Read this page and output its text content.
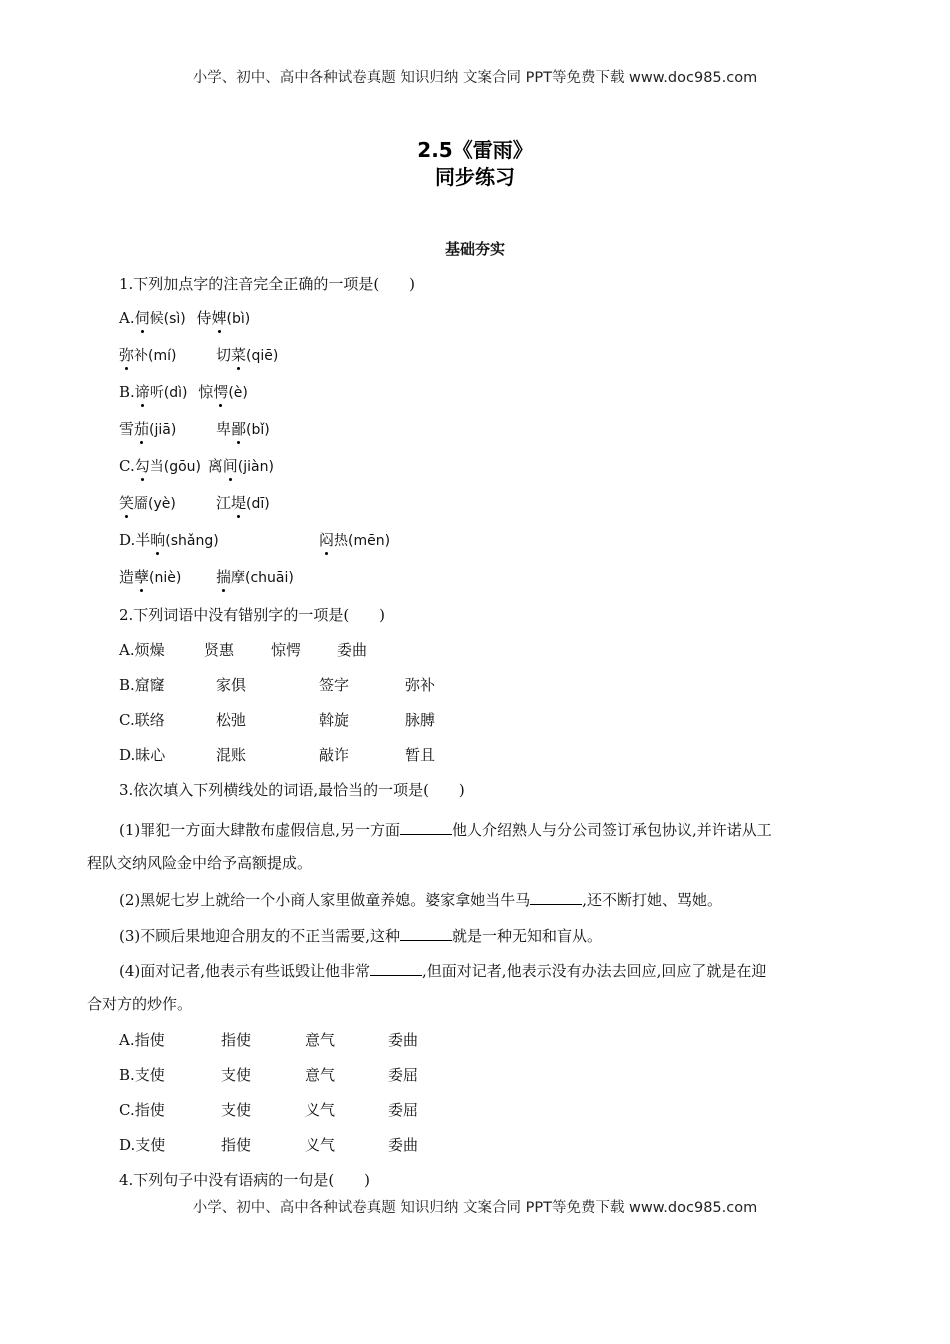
小学、初中、高中各种试卷真题 知识归纳 文案合同 PPT等免费下载 www.doc985.com
2.5《雷雨》
同步练习
基础夯实
1.下列加点字的注音完全正确的一项是(　　)
A.伺候(sì) 侍婢(bì)
弥补(mí)	切菜(qiē)
B.谛听(dì) 惊愕(è)
雪茄(jiā)	卑鄙(bǐ)
C.勾当(gōu) 离间(jiàn)
笑靥(yè)	江堤(dī)
D.半晌(shǎng)	闷热(mēn)
造孽(niè) 揣摩(chuāi)
2.下列词语中没有错别字的一项是(　　)
A.烦燥	贤惠 惊愕 委曲
B.窟窿	家俱	签字	弥补
C.联络	松弛	斡旋	脉膊
D.昧心	混账	敲诈	暂且
3.依次填入下列横线处的词语,最恰当的一项是(　　)
(1)罪犯一方面大肆散布虚假信息,另一方面	他人介绍熟人与分公司签订承包协议,并许诺从工
程队交纳风险金中给予高额提成。
(2)黑妮七岁上就给一个小商人家里做童养媳。婆家拿她当牛马	,还不断打她、骂她。
(3)不顾后果地迎合朋友的不正当需要,这种	就是一种无知和盲从。
(4)面对记者,他表示有些诋毁让他非常	,但面对记者,他表示没有办法去回应,回应了就是在迎
合对方的炒作。
A.指使	指使	意气	委曲
B.支使	支使	意气	委屈
C.指使	支使	义气	委屈
D.支使	指使	义气	委曲
4.下列句子中没有语病的一句是(　　)
小学、初中、高中各种试卷真题 知识归纳 文案合同 PPT等免费下载 www.doc985.com
